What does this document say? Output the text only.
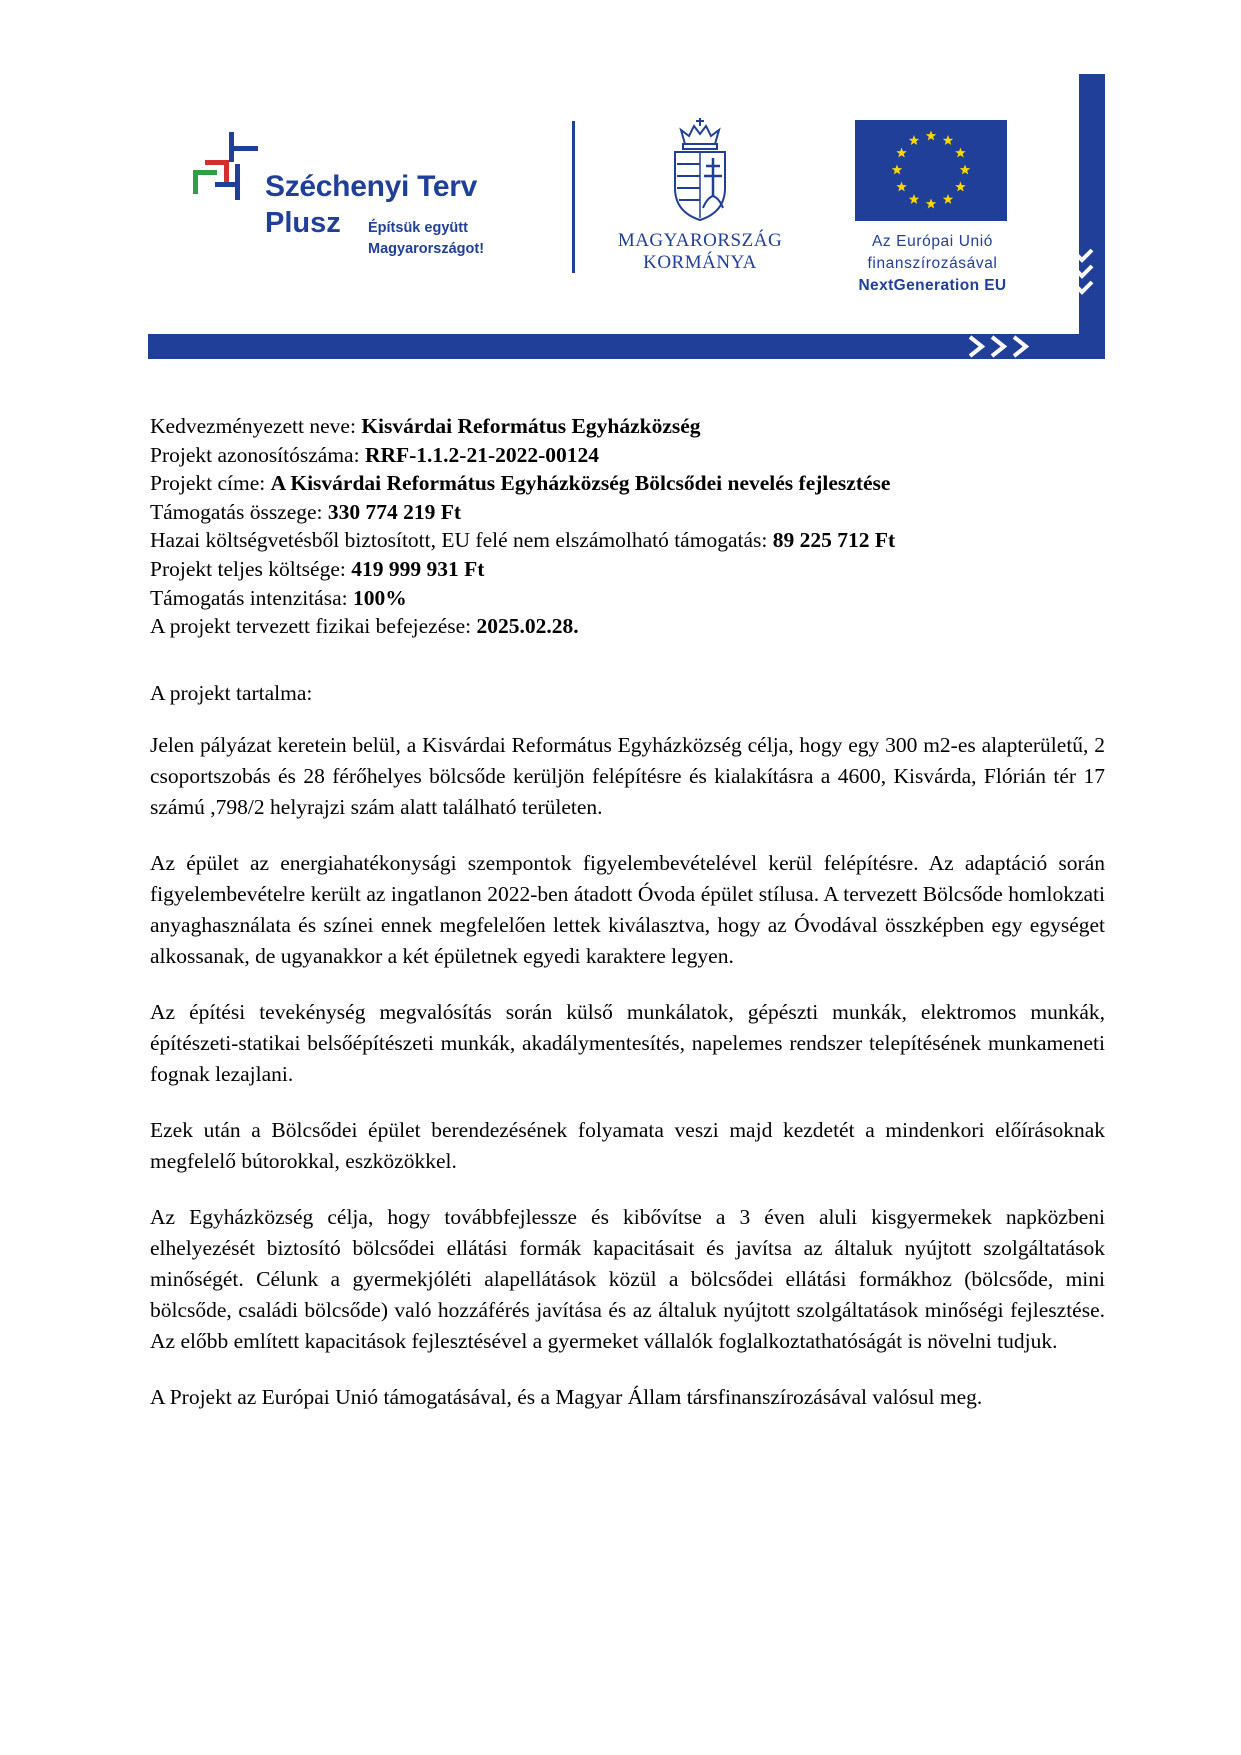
Széchenyi Terv
Plusz Építsük együtt
Magyarországot!	MAGYARORSZÁG
KORMÁNYA
Az Európai Unió
finanszírozásával
NextGeneration EU
Kedvezményezett neve: Kisvárdai Református Egyházközség
Projekt azonosítószáma: RRF-1.1.2-21-2022-00124
Projekt címe: A Kisvárdai Református Egyházközség Bölcsődei nevelés fejlesztése
Támogatás összege: 330 774 219 Ft
Hazai költségvetésből biztosított, EU felé nem elszámolható támogatás: 89 225 712 Ft
Projekt teljes költsége: 419 999 931 Ft
Támogatás intenzitása: 100%
A projekt tervezett fizikai befejezése: 2025.02.28.
A projekt tartalma:

Jelen pályázat keretein belül, a Kisvárdai Református Egyházközség célja, hogy egy 300 m2-es alapterületű, 2 csoportszobás és 28 férőhelyes bölcsőde kerüljön felépítésre és kialakításra a 4600, Kisvárda, Flórián tér 17 számú ,798/2 helyrajzi szám alatt található területen.

Az épület az energiahatékonysági szempontok figyelembevételével kerül felépítésre. Az adaptáció során figyelembevételre került az ingatlanon 2022-ben átadott Óvoda épület stílusa. A tervezett Bölcsőde homlokzati anyaghasználata és színei ennek megfelelően lettek kiválasztva, hogy az Óvodával összképben egy egységet alkossanak, de ugyanakkor a két épületnek egyedi karaktere legyen.

Az építési tevekénység megvalósítás során külső munkálatok, gépészti munkák, elektromos munkák, építészeti-statikai belsőépítészeti munkák, akadálymentesítés, napelemes rendszer telepítésének munkameneti fognak lezajlani.

Ezek után a Bölcsődei épület berendezésének folyamata veszi majd kezdetét a mindenkori előírásoknak megfelelő bútorokkal, eszközökkel.

Az Egyházközség célja, hogy továbbfejlessze és kibővítse a 3 éven aluli kisgyermekek napközbeni elhelyezését biztosító bölcsődei ellátási formák kapacitásait és javítsa az általuk nyújtott szolgáltatások minőségét. Célunk a gyermekjóléti alapellátások közül a bölcsődei ellátási formákhoz (bölcsőde, mini bölcsőde, családi bölcsőde) való hozzáférés javítása és az általuk nyújtott szolgáltatások minőségi fejlesztése. Az előbb említett kapacitások fejlesztésével a gyermeket vállalók foglalkoztathatóságát is növelni tudjuk.

A Projekt az Európai Unió támogatásával, és a Magyar Állam társfinanszírozásával valósul meg.
